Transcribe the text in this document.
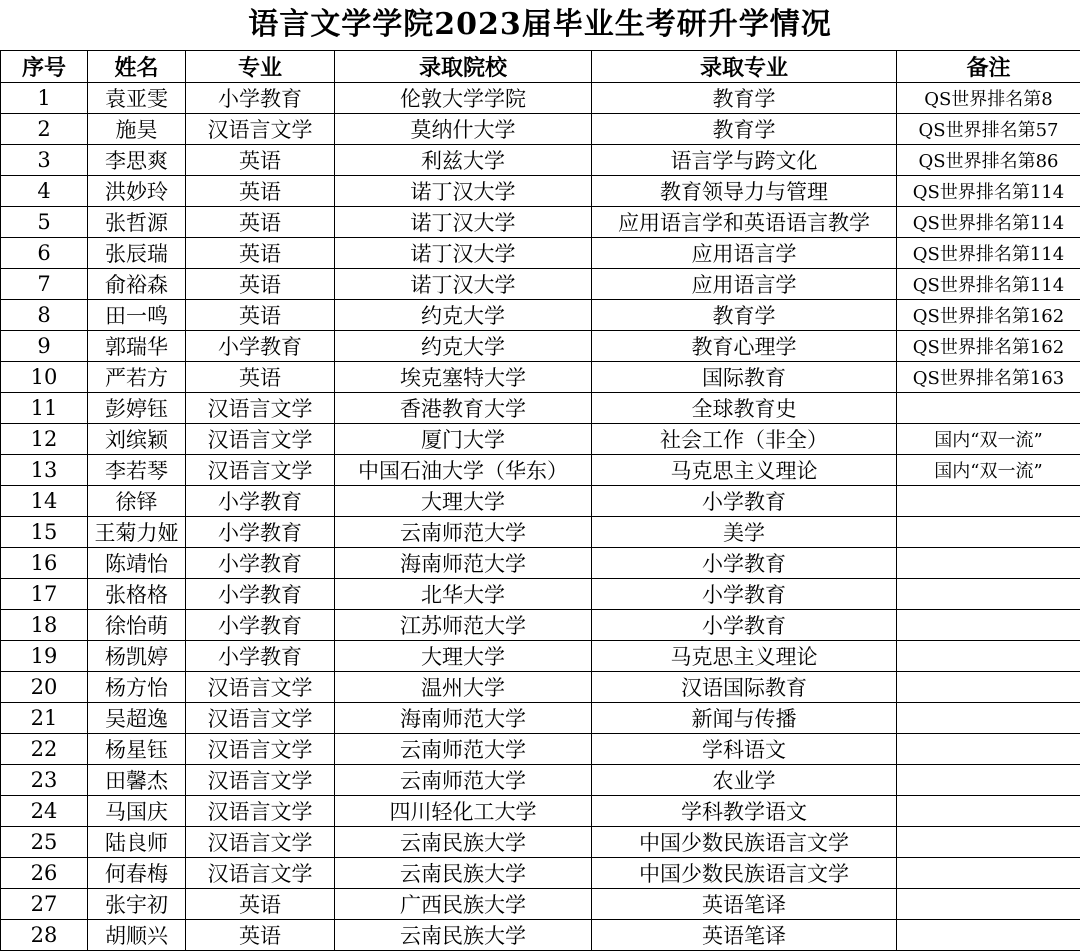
语言文学学院2023届毕业生考研升学情况
序号	姓名	专业	录取院校	录取专业	备注
1	袁亚雯	小学教育	伦敦大学学院	教育学	QS世界排名第8
2	施昊	汉语言文学	莫纳什大学	教育学	QS世界排名第57
3	李思爽	英语	利兹大学	语言学与跨文化	QS世界排名第86
4	洪妙玲	英语	诺丁汉大学	教育领导力与管理	QS世界排名第114
5	张哲源	英语	诺丁汉大学	应用语言学和英语语言教学	QS世界排名第114
6	张辰瑞	英语	诺丁汉大学	应用语言学	QS世界排名第114
7	俞裕森	英语	诺丁汉大学	应用语言学	QS世界排名第114
8	田一鸣	英语	约克大学	教育学	QS世界排名第162
9	郭瑞华	小学教育	约克大学	教育心理学	QS世界排名第162
10	严若方	英语	埃克塞特大学	国际教育	QS世界排名第163
11	彭婷钰	汉语言文学	香港教育大学	全球教育史	
12	刘缤颖	汉语言文学	厦门大学	社会工作（非全）	国内“双一流”
13	李若琴	汉语言文学	中国石油大学（华东）	马克思主义理论	国内“双一流”
14	徐铎	小学教育	大理大学	小学教育	
15	王菊力娅	小学教育	云南师范大学	美学	
16	陈靖怡	小学教育	海南师范大学	小学教育	
17	张格格	小学教育	北华大学	小学教育	
18	徐怡萌	小学教育	江苏师范大学	小学教育	
19	杨凯婷	小学教育	大理大学	马克思主义理论	
20	杨方怡	汉语言文学	温州大学	汉语国际教育	
21	吴超逸	汉语言文学	海南师范大学	新闻与传播	
22	杨星钰	汉语言文学	云南师范大学	学科语文	
23	田馨杰	汉语言文学	云南师范大学	农业学	
24	马国庆	汉语言文学	四川轻化工大学	学科教学语文	
25	陆良师	汉语言文学	云南民族大学	中国少数民族语言文学	
26	何春梅	汉语言文学	云南民族大学	中国少数民族语言文学	
27	张宇初	英语	广西民族大学	英语笔译	
28	胡顺兴	英语	云南民族大学	英语笔译	
